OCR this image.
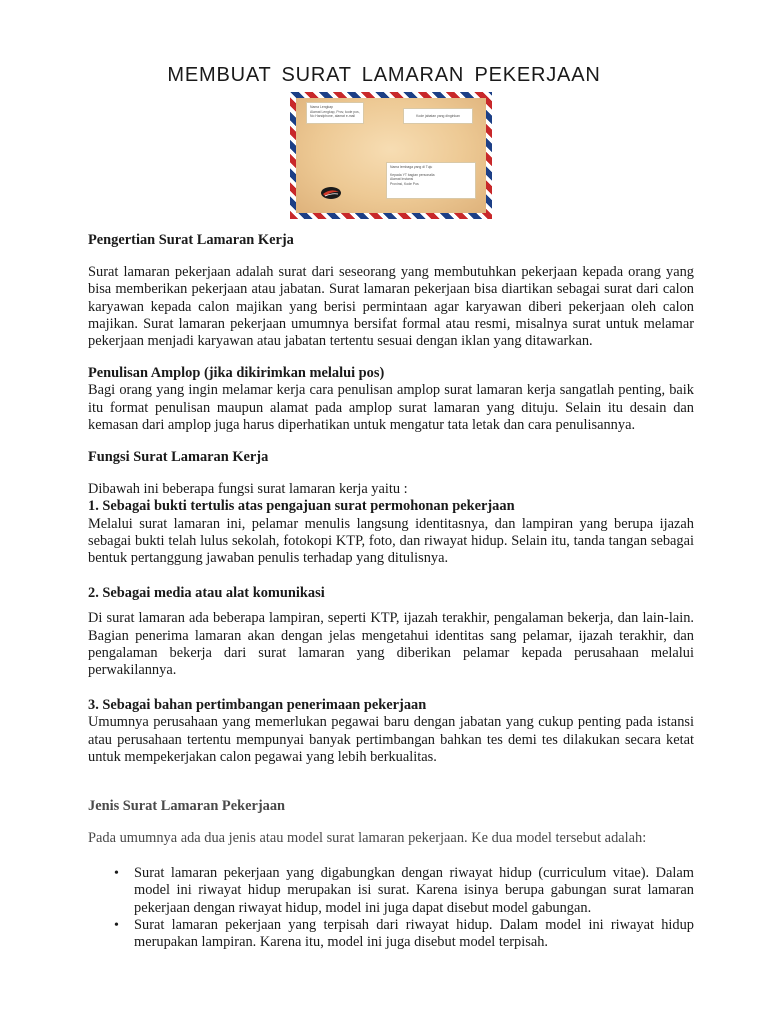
MEMBUAT SURAT LAMARAN PEKERJAAN
Nama Lengkap
Alamat Lengkap, Prov, kode pos,
No Handphone, alamat e-mail	Kode jabatan yang dinginkan
Nama lembaga yang di Tuju
Kepada YT bagian personalia
Alamat Instansi
Provinsi, Kode Pos

Pengertian Surat Lamaran Kerja

Surat lamaran pekerjaan adalah surat dari seseorang yang membutuhkan pekerjaan kepada orang yang bisa memberikan pekerjaan atau jabatan. Surat lamaran pekerjaan bisa diartikan sebagai surat dari calon karyawan kepada calon majikan yang berisi permintaan agar karyawan diberi pekerjaan oleh calon majikan. Surat lamaran pekerjaan umumnya bersifat formal atau resmi, misalnya surat untuk melamar pekerjaan menjadi karyawan atau jabatan tertentu sesuai dengan iklan yang ditawarkan.

Penulisan Amplop (jika dikirimkan melalui pos)

Bagi orang yang ingin melamar kerja cara penulisan amplop surat lamaran kerja sangatlah penting, baik itu format penulisan maupun alamat pada amplop surat lamaran yang dituju. Selain itu desain dan kemasan dari amplop juga harus diperhatikan untuk mengatur tata letak dan cara penulisannya.

Fungsi Surat Lamaran Kerja

Dibawah ini beberapa fungsi surat lamaran kerja yaitu :

1. Sebagai bukti tertulis atas pengajuan surat permohonan pekerjaan

Melalui surat lamaran ini, pelamar menulis langsung identitasnya, dan lampiran yang berupa ijazah sebagai bukti telah lulus sekolah, fotokopi KTP, foto, dan riwayat hidup. Selain itu, tanda tangan sebagai bentuk pertanggung jawaban penulis terhadap yang ditulisnya.

2. Sebagai media atau alat komunikasi

Di surat lamaran ada beberapa lampiran, seperti KTP, ijazah terakhir, pengalaman bekerja, dan lain-lain. Bagian penerima lamaran akan dengan jelas mengetahui identitas sang pelamar, ijazah terakhir, dan pengalaman bekerja dari surat lamaran yang diberikan pelamar kepada perusahaan melalui perwakilannya.

3. Sebagai bahan pertimbangan penerimaan pekerjaan

Umumnya perusahaan yang memerlukan pegawai baru dengan jabatan yang cukup penting pada istansi atau perusahaan tertentu mempunyai banyak pertimbangan bahkan tes demi tes dilakukan secara ketat untuk mempekerjakan calon pegawai yang lebih berkualitas.

Jenis Surat Lamaran Pekerjaan

Pada umumnya ada dua jenis atau model surat lamaran pekerjaan. Ke dua model tersebut adalah:

• Surat lamaran pekerjaan yang digabungkan dengan riwayat hidup (curriculum vitae). Dalam model ini riwayat hidup merupakan isi surat. Karena isinya berupa gabungan surat lamaran pekerjaan dengan riwayat hidup, model ini juga dapat disebut model gabungan.
• Surat lamaran pekerjaan yang terpisah dari riwayat hidup. Dalam model ini riwayat hidup merupakan lampiran. Karena itu, model ini juga disebut model terpisah.
